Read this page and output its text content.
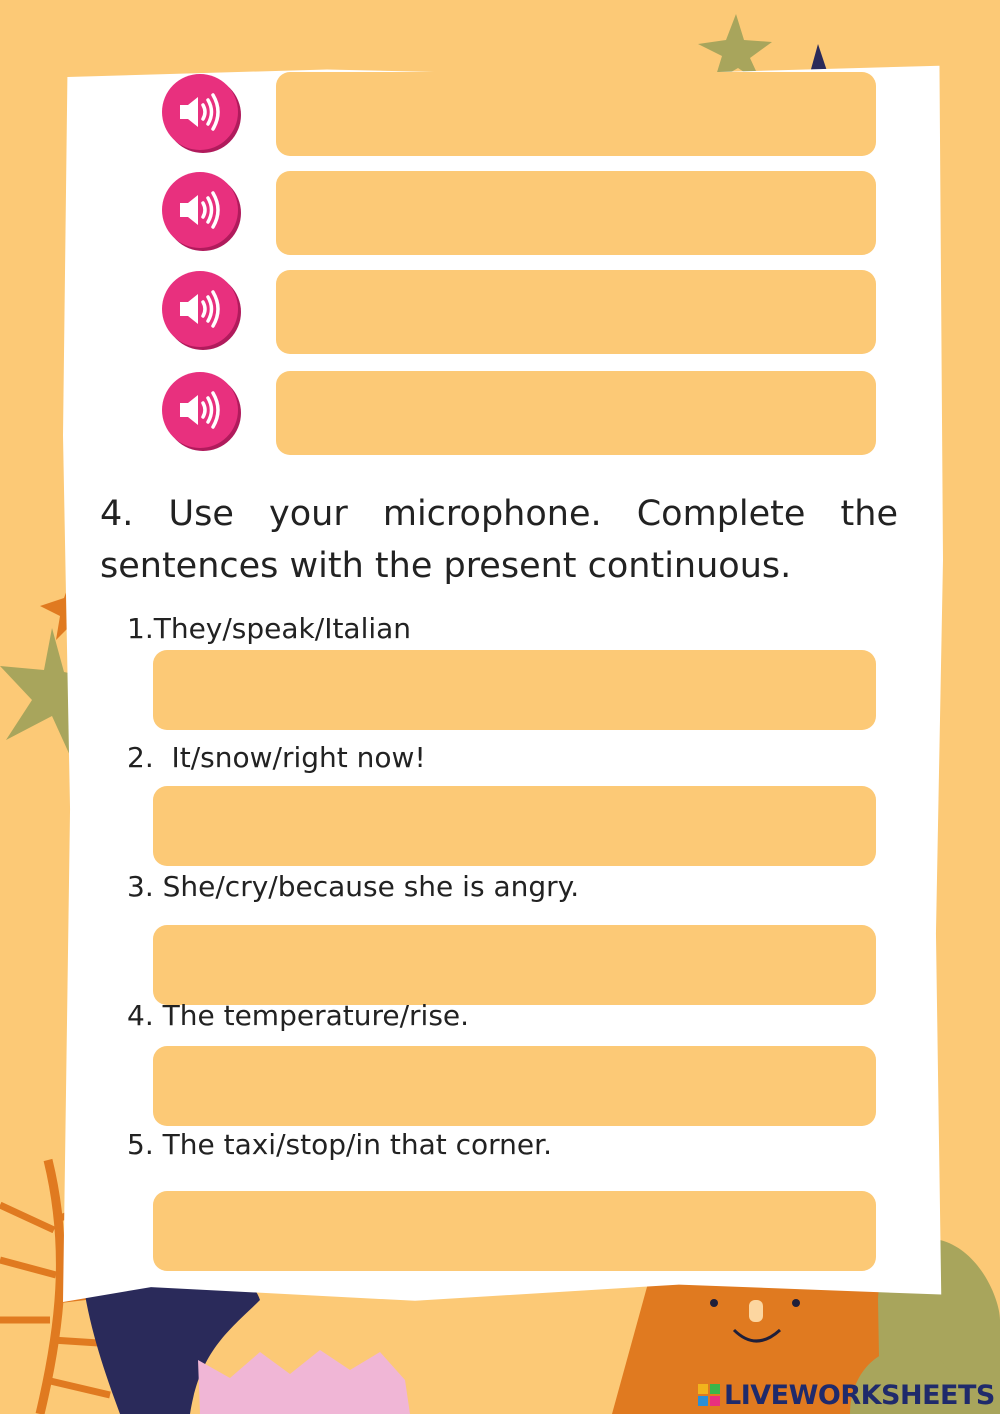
4. Use your microphone. Complete the sentences with the present continuous.

1.They/speak/Italian
2.  It/snow/right now!
3. She/cry/because she is angry.
4. The temperature/rise.
5. The taxi/stop/in that corner.
LIVEWORKSHEETS
